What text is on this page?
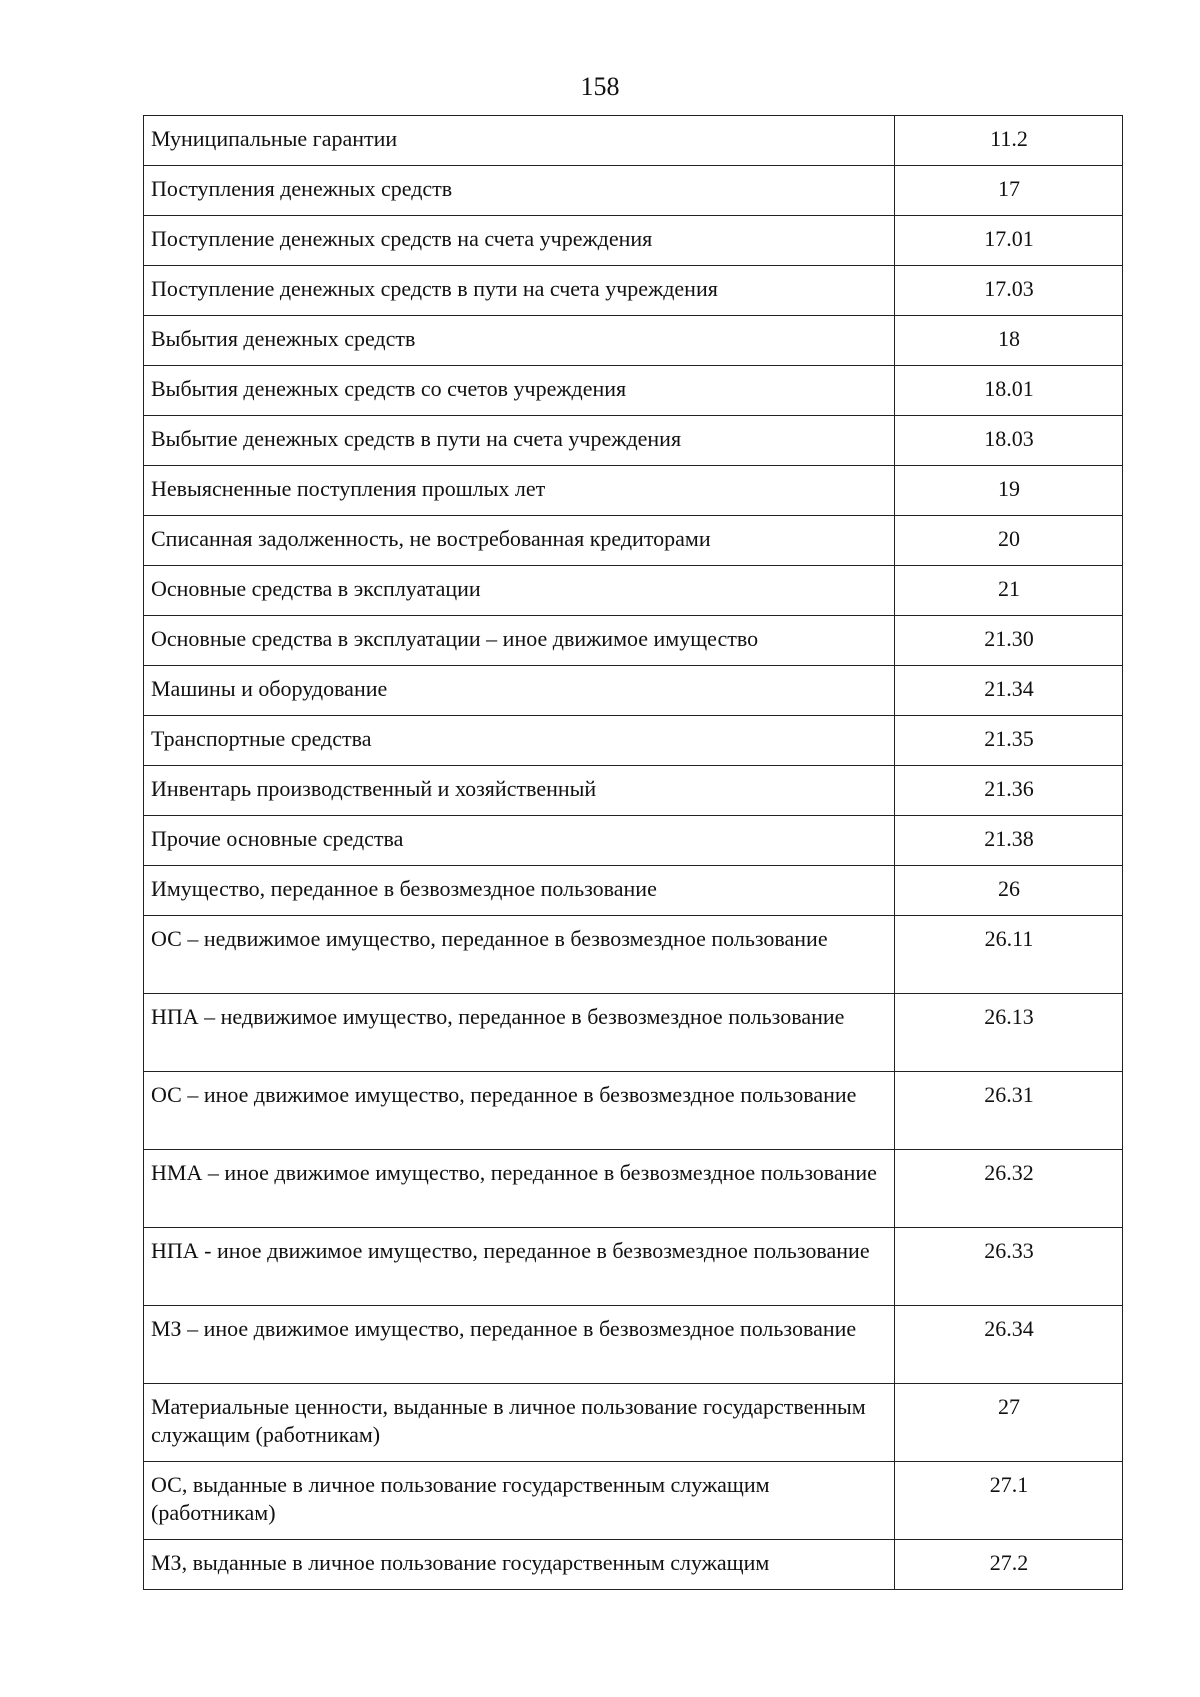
158
Муниципальные гарантии	11.2
Поступления денежных средств	17
Поступление денежных средств на счета учреждения	17.01
Поступление денежных средств в пути на счета учреждения	17.03
Выбытия денежных средств	18
Выбытия денежных средств со счетов учреждения	18.01
Выбытие денежных средств в пути на счета учреждения	18.03
Невыясненные поступления прошлых лет	19
Списанная задолженность, не востребованная кредиторами	20
Основные средства в эксплуатации	21
Основные средства в эксплуатации – иное движимое имущество	21.30
Машины и оборудование	21.34
Транспортные средства	21.35
Инвентарь производственный и хозяйственный	21.36
Прочие основные средства	21.38
Имущество, переданное в безвозмездное пользование	26
ОС – недвижимое имущество, переданное в безвозмездное пользование	26.11
НПА – недвижимое имущество, переданное в безвозмездное пользование	26.13
ОС – иное движимое имущество, переданное в безвозмездное пользование	26.31
НМА – иное движимое имущество, переданное в безвозмездное пользование	26.32
НПА - иное движимое имущество, переданное в безвозмездное пользование	26.33
МЗ – иное движимое имущество, переданное в безвозмездное пользование	26.34
Материальные ценности, выданные в личное пользование государственным служащим (работникам)	27
ОС, выданные в личное пользование государственным служащим (работникам)	27.1
МЗ, выданные в личное пользование государственным служащим	27.2
